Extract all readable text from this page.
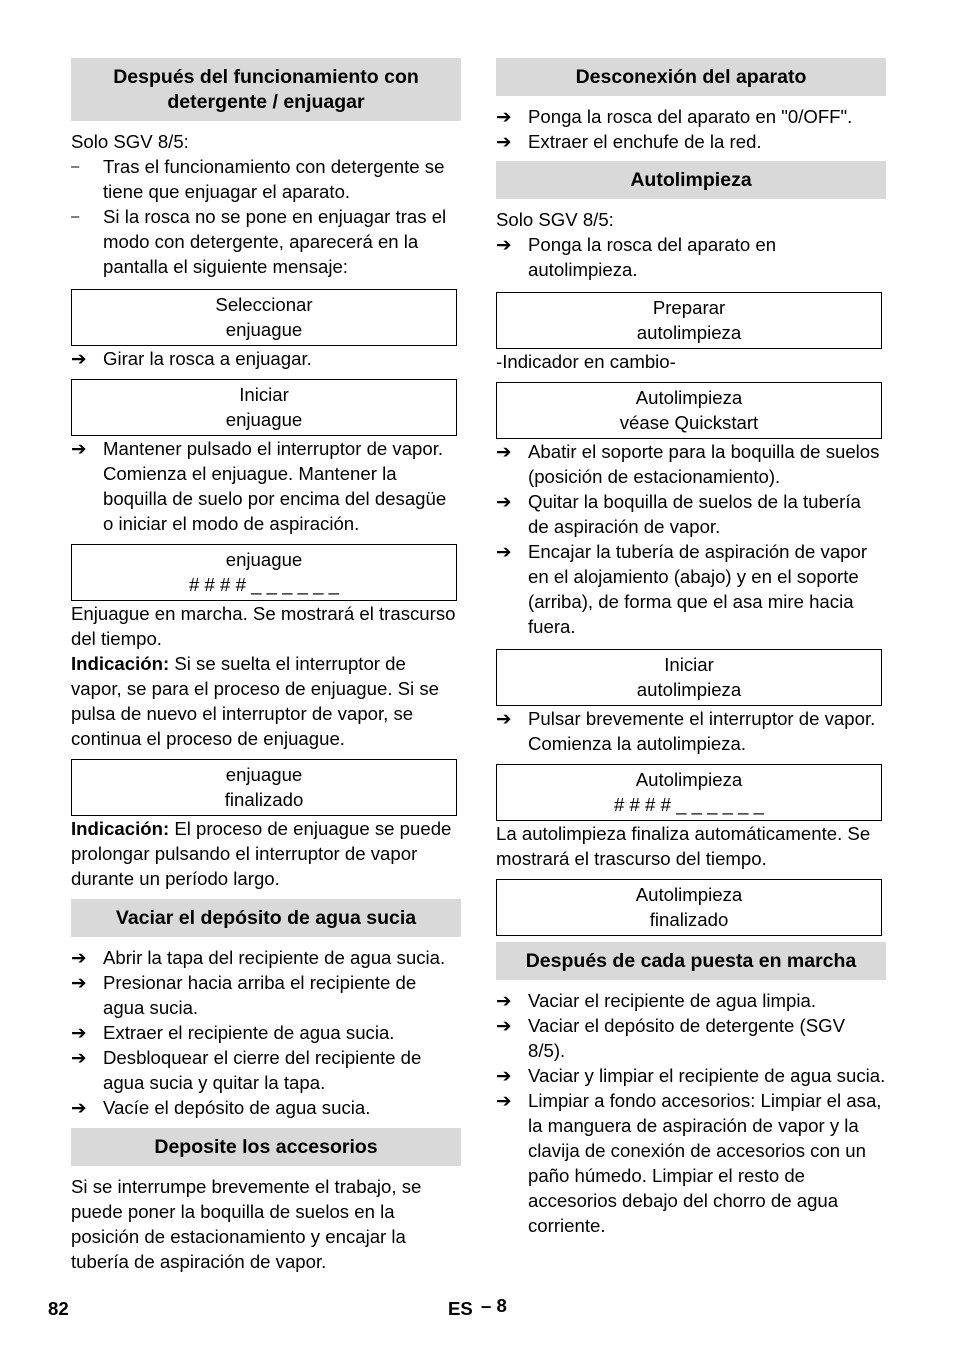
Después del funcionamiento con detergente / enjuagar

Solo SGV 8/5:

–	Tras el funcionamiento con detergente se tiene que enjuagar el aparato.
–	Si la rosca no se pone en enjuagar tras el modo con detergente, aparecerá en la pantalla el siguiente mensaje:
Seleccionar
enjuague
➔ Girar la rosca a enjuagar.
Iniciar
enjuague
➔ Mantener pulsado el interruptor de vapor. Comienza el enjuague. Mantener la boquilla de suelo por encima del desagüe o iniciar el modo de aspiración.
enjuague
# # # # _ _ _ _ _ _

Enjuague en marcha. Se mostrará el trascurso del tiempo.

Indicación: Si se suelta el interruptor de vapor, se para el proceso de enjuague. Si se pulsa de nuevo el interruptor de vapor, se continua el proceso de enjuague.

enjuague
finalizado

Indicación: El proceso de enjuague se puede prolongar pulsando el interruptor de vapor durante un período largo.

Vaciar el depósito de agua sucia
➔ Abrir la tapa del recipiente de agua sucia.
➔ Presionar hacia arriba el recipiente de agua sucia.
➔ Extraer el recipiente de agua sucia.
➔ Desbloquear el cierre del recipiente de agua sucia y quitar la tapa.
➔ Vacíe el depósito de agua sucia.
Deposite los accesorios

Si se interrumpe brevemente el trabajo, se puede poner la boquilla de suelos en la posición de estacionamiento y encajar la tubería de aspiración de vapor.

Desconexión del aparato
➔ Ponga la rosca del aparato en "0/OFF".
➔ Extraer el enchufe de la red.
Autolimpieza

Solo SGV 8/5:

➔ Ponga la rosca del aparato en autolimpieza.
Preparar
autolimpieza

-Indicador en cambio-

Autolimpieza
véase Quickstart
➔ Abatir el soporte para la boquilla de suelos (posición de estacionamiento).
➔ Quitar la boquilla de suelos de la tubería de aspiración de vapor.
➔ Encajar la tubería de aspiración de vapor en el alojamiento (abajo) y en el soporte (arriba), de forma que el asa mire hacia fuera.
Iniciar
autolimpieza
➔ Pulsar brevemente el interruptor de vapor. Comienza la autolimpieza.
Autolimpieza
# # # # _ _ _ _ _ _

La autolimpieza finaliza automáticamente. Se mostrará el trascurso del tiempo.

Autolimpieza
finalizado
Después de cada puesta en marcha
➔ Vaciar el recipiente de agua limpia.
➔ Vaciar el depósito de detergente (SGV 8/5).
➔ Vaciar y limpiar el recipiente de agua sucia.
➔ Limpiar a fondo accesorios: Limpiar el asa, la manguera de aspiración de vapor y la clavija de conexión de accesorios con un paño húmedo. Limpiar el resto de accesorios debajo del chorro de agua corriente.
82	ES – 8
